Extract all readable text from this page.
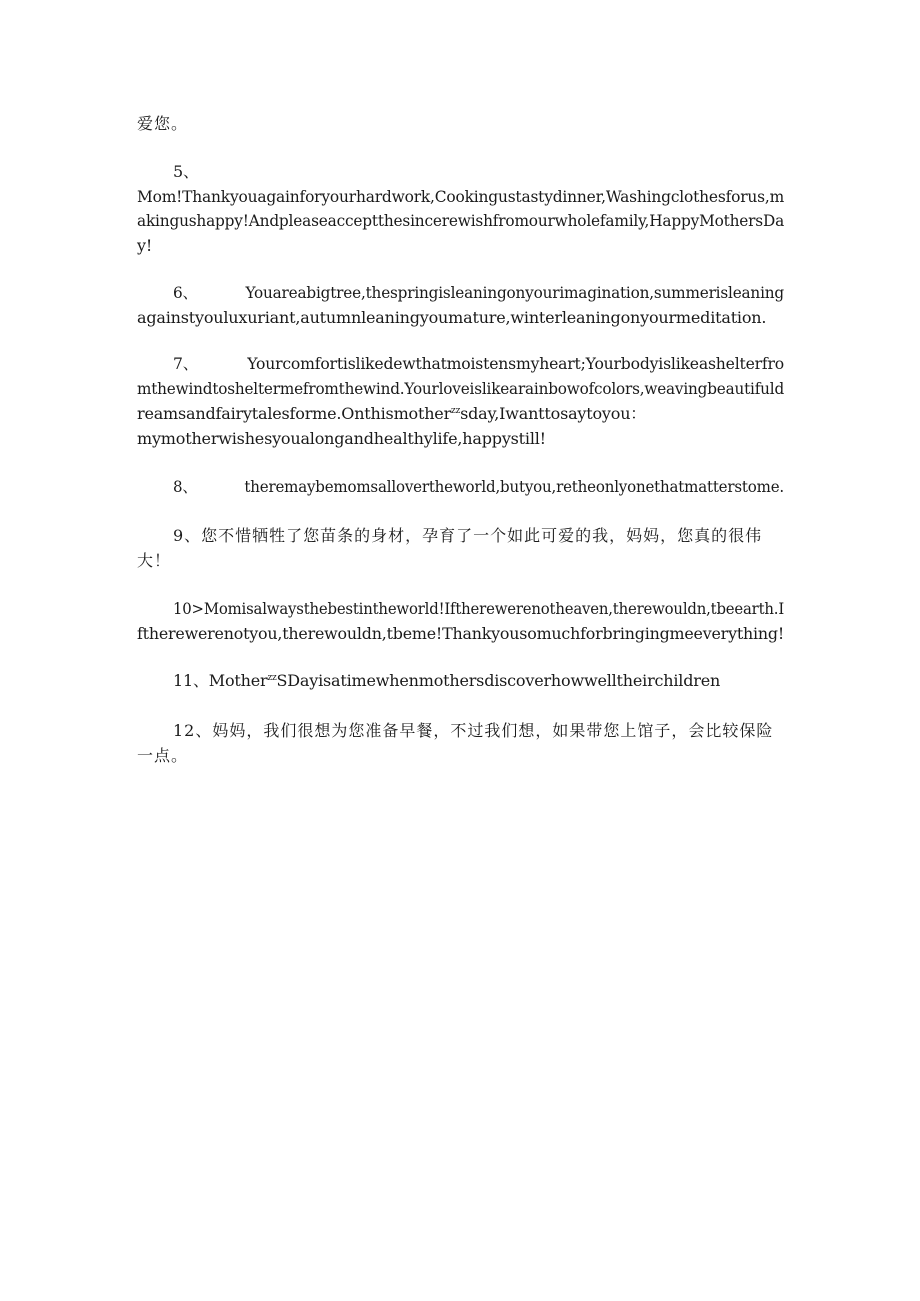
爱您。
5、
Mom!Thankyouagainforyourhardwork,Cookingustastydinner,Washingclothesforus,m
akingushappy!Andpleaseacceptthesincerewishfromourwholefamily,HappyMothersDa
y!
6、	Youareabigtree,thespringisleaningonyourimagination,summerisleaning
againstyouluxuriant,autumnleaningyoumature,winterleaningonyourmeditation.
7、	Yourcomfortislikedewthatmoistensmyheart;Yourbodyislikeashelterfro
mthewindtosheltermefromthewind.Yourloveislikearainbowofcolors,weavingbeautifuld
reamsandfairytalesforme.Onthismother$^{zz}$sday,Iwanttosaytoyou：
mymotherwishesyoualongandhealthylife,happystill!
8、	theremaybemomsallovertheworld,butyou,retheonlyonethatmatterstome.
9、您不惜牺牲了您苗条的身材，孕育了一个如此可爱的我，妈妈，您真的很伟
大！
10>Momisalwaysthebestintheworld!Iftherewerenotheaven,therewouldn,tbeearth.I
ftherewerenotyou,therewouldn,tbeme!Thankyousomuchforbringingmeeverything!
11、Mother$^{zz}$SDayisatimewhenmothersdiscoverhowwelltheirchildren
12、妈妈，我们很想为您准备早餐，不过我们想，如果带您上馆子，会比较保险
一点。
